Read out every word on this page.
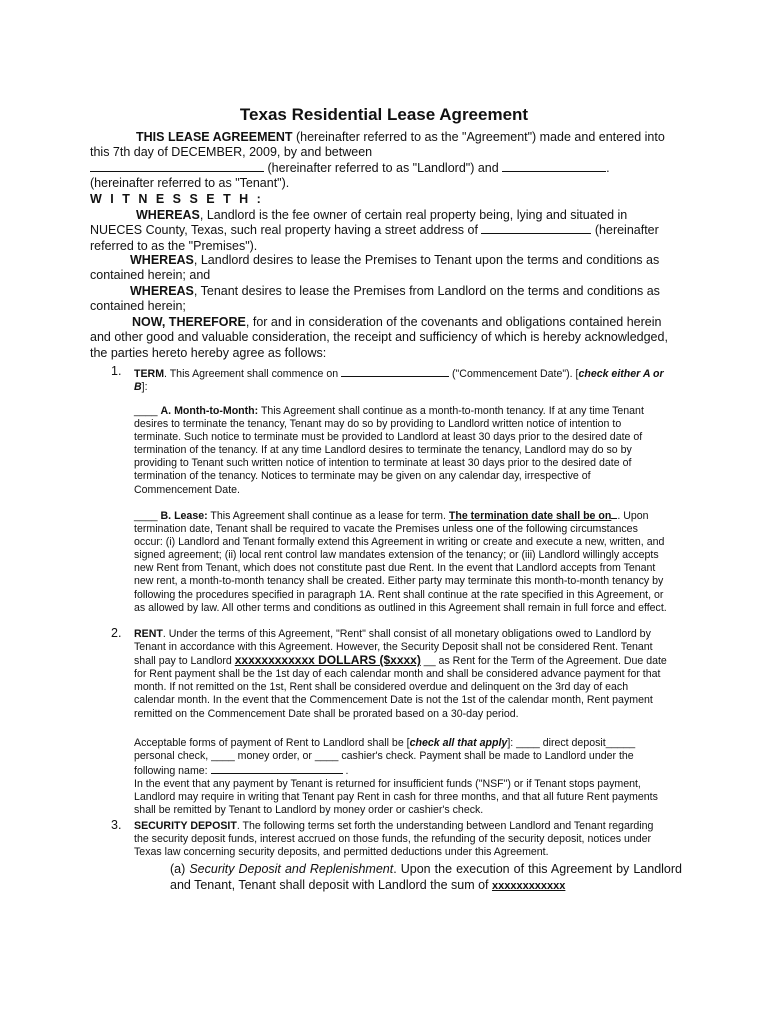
Texas Residential Lease Agreement
THIS LEASE AGREEMENT (hereinafter referred to as the "Agreement") made and entered into this 7th day of DECEMBER, 2009, by and between
(hereinafter referred to as "Landlord") and	.
(hereinafter referred to as "Tenant").
W I T N E S S E T H :
WHEREAS, Landlord is the fee owner of certain real property being, lying and situated in NUECES County, Texas, such real property having a street address of	(hereinafter referred to as the "Premises").
WHEREAS, Landlord desires to lease the Premises to Tenant upon the terms and conditions as contained herein; and
WHEREAS, Tenant desires to lease the Premises from Landlord on the terms and conditions as contained herein;
NOW, THEREFORE, for and in consideration of the covenants and obligations contained herein and other good and valuable consideration, the receipt and sufficiency of which is hereby acknowledged, the parties hereto hereby agree as follows:
1. TERM. This Agreement shall commence on	("Commencement Date"). [check either A or B]:
____ A. Month-to-Month: This Agreement shall continue as a month-to-month tenancy. If at any time Tenant desires to terminate the tenancy, Tenant may do so by providing to Landlord written notice of intention to terminate. Such notice to terminate must be provided to Landlord at least 30 days prior to the desired date of termination of the tenancy. If at any time Landlord desires to terminate the tenancy, Landlord may do so by providing to Tenant such written notice of intention to terminate at least 30 days prior to the desired date of termination of the tenancy. Notices to terminate may be given on any calendar day, irrespective of Commencement Date.
____ B. Lease: This Agreement shall continue as a lease for term. The termination date shall be on . Upon termination date, Tenant shall be required to vacate the Premises unless one of the following circumstances occur: (i) Landlord and Tenant formally extend this Agreement in writing or create and execute a new, written, and signed agreement; (ii) local rent control law mandates extension of the tenancy; or (iii) Landlord willingly accepts new Rent from Tenant, which does not constitute past due Rent. In the event that Landlord accepts from Tenant new rent, a month-to-month tenancy shall be created. Either party may terminate this month-to-month tenancy by following the procedures specified in paragraph 1A. Rent shall continue at the rate specified in this Agreement, or as allowed by law. All other terms and conditions as outlined in this Agreement shall remain in full force and effect.
2. RENT. Under the terms of this Agreement, "Rent" shall consist of all monetary obligations owed to Landlord by Tenant in accordance with this Agreement. However, the Security Deposit shall not be considered Rent. Tenant shall pay to Landlord xxxxxxxxxxxx DOLLARS ($xxxx) __ as Rent for the Term of the Agreement. Due date for Rent payment shall be the 1st day of each calendar month and shall be considered advance payment for that month. If not remitted on the 1st, Rent shall be considered overdue and delinquent on the 3rd day of each calendar month. In the event that the Commencement Date is not the 1st of the calendar month, Rent payment remitted on the Commencement Date shall be prorated based on a 30-day period.
Acceptable forms of payment of Rent to Landlord shall be [check all that apply]: ____ direct deposit_____ personal check, ____ money order, or ____ cashier's check. Payment shall be made to Landlord under the following name:	.
In the event that any payment by Tenant is returned for insufficient funds ("NSF") or if Tenant stops payment, Landlord may require in writing that Tenant pay Rent in cash for three months, and that all future Rent payments shall be remitted by Tenant to Landlord by money order or cashier's check.
3. SECURITY DEPOSIT. The following terms set forth the understanding between Landlord and Tenant regarding the security deposit funds, interest accrued on those funds, the refunding of the security deposit, notices under Texas law concerning security deposits, and permitted deductions under this Agreement.
(a) Security Deposit and Replenishment. Upon the execution of this Agreement by Landlord and Tenant, Tenant shall deposit with Landlord the sum of xxxxxxxxxxxx
